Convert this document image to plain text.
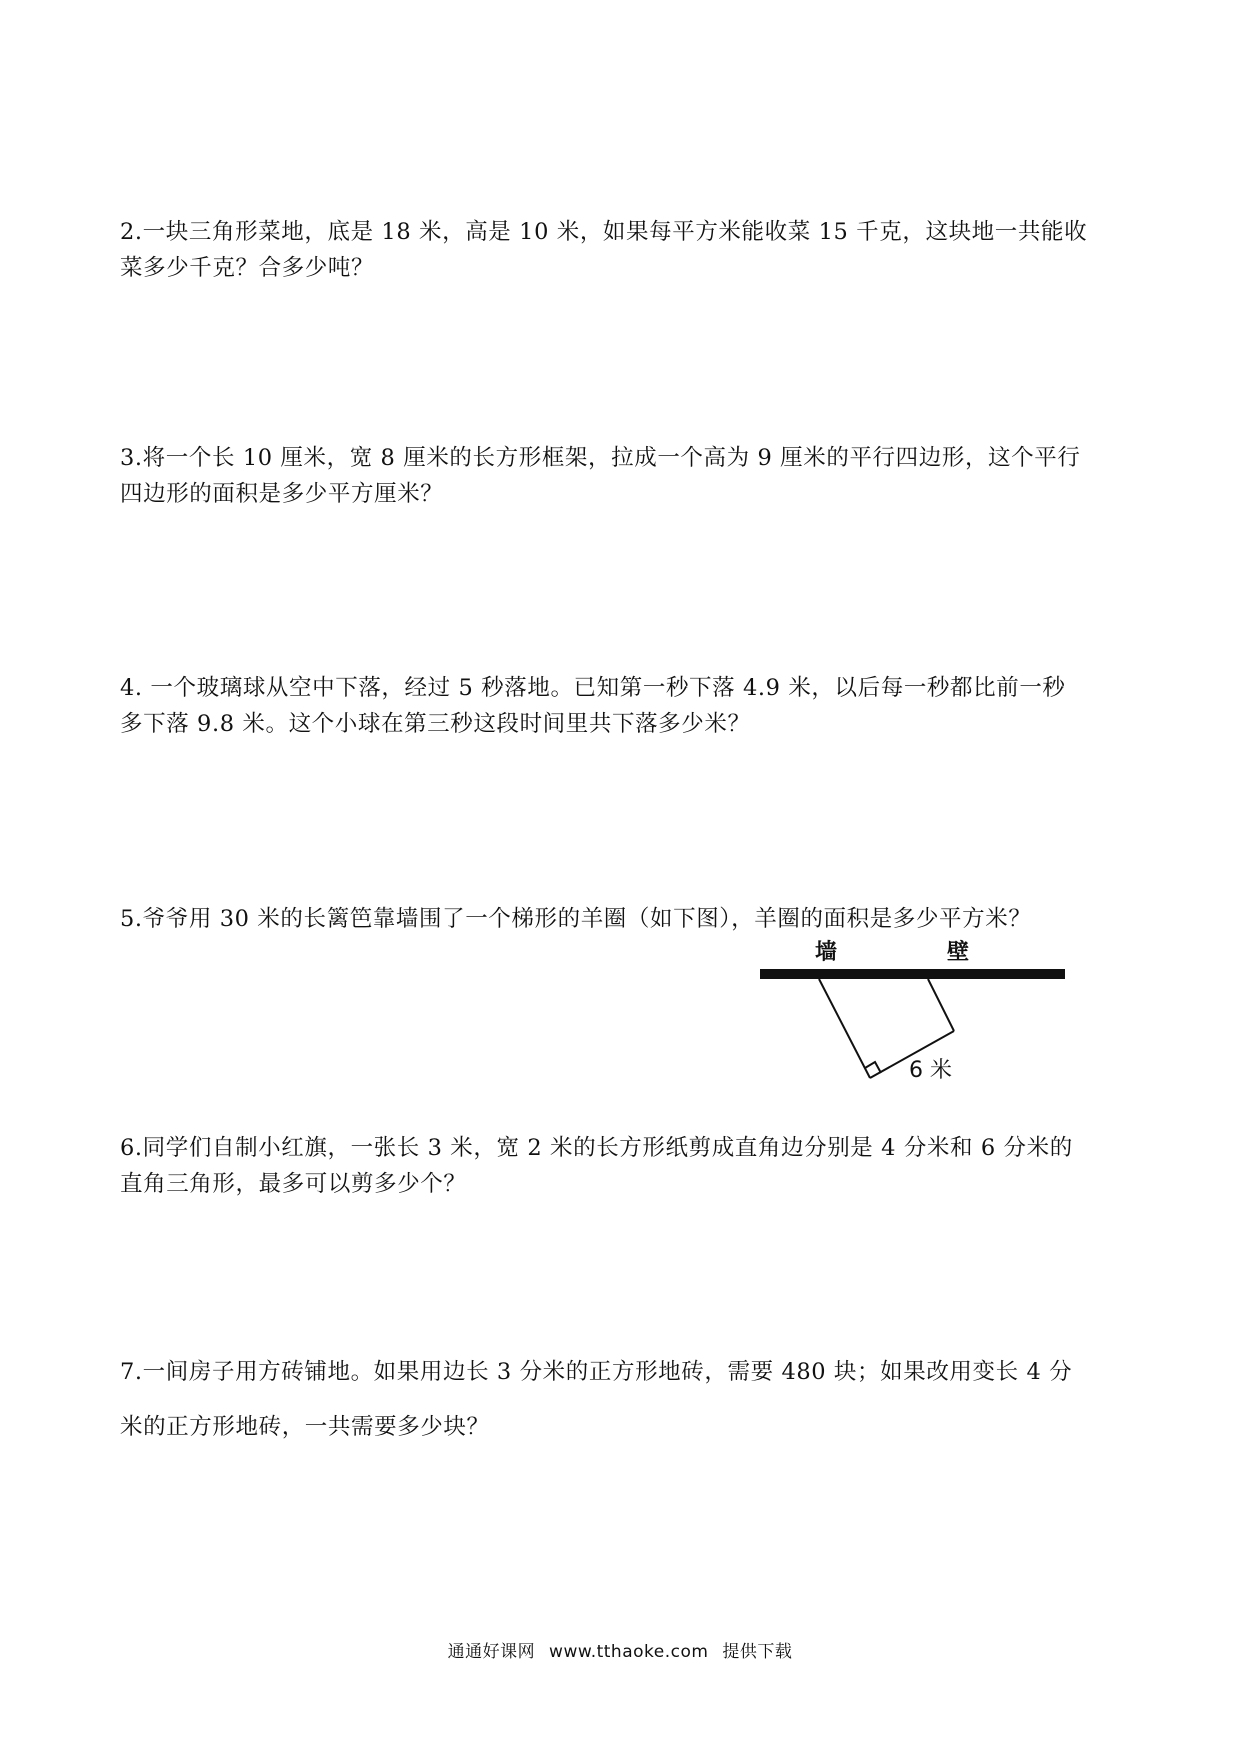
2.一块三角形菜地，底是 18 米，高是 10 米，如果每平方米能收菜 15 千克，这块地一共能收

菜多少千克？合多少吨？

3.将一个长 10 厘米，宽 8 厘米的长方形框架，拉成一个高为 9 厘米的平行四边形，这个平行

四边形的面积是多少平方厘米？

4. 一个玻璃球从空中下落，经过 5 秒落地。已知第一秒下落 4.9 米，以后每一秒都比前一秒

多下落 9.8 米。这个小球在第三秒这段时间里共下落多少米？

5.爷爷用 30 米的长篱笆靠墙围了一个梯形的羊圈（如下图），羊圈的面积是多少平方米？

墙	壁
6 米

6.同学们自制小红旗，一张长 3 米，宽 2 米的长方形纸剪成直角边分别是 4 分米和 6 分米的

直角三角形，最多可以剪多少个？

7.一间房子用方砖铺地。如果用边长 3 分米的正方形地砖，需要 480 块；如果改用变长 4 分

米的正方形地砖，一共需要多少块？

通通好课网 www.tthaoke.com 提供下载
